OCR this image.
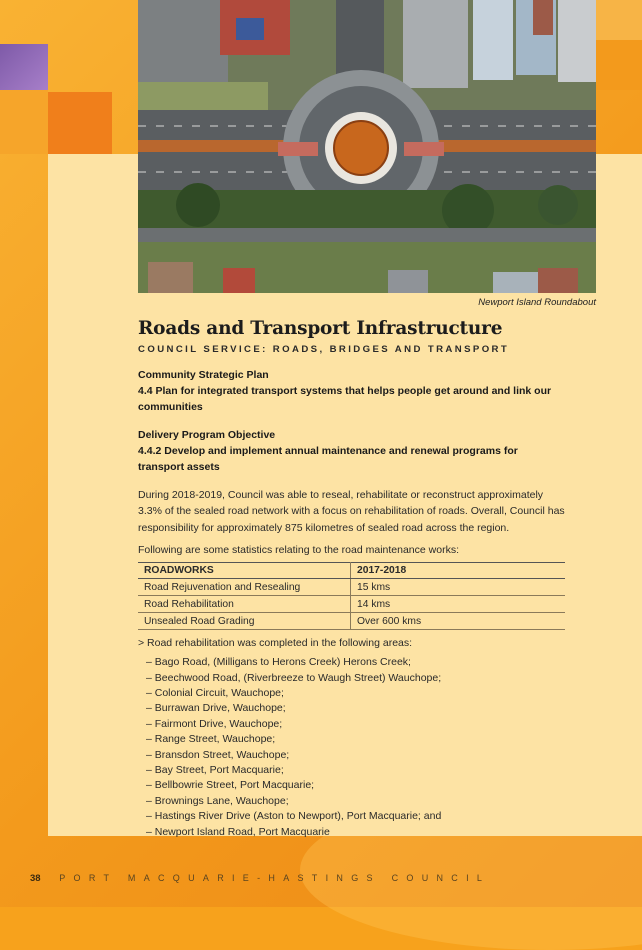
Newport Island Roundabout
Roads and Transport Infrastructure
COUNCIL SERVICE: ROADS, BRIDGES AND TRANSPORT
Community Strategic Plan
4.4 Plan for integrated transport systems that helps people get around and link our communities
Delivery Program Objective
4.4.2 Develop and implement annual maintenance and renewal programs for transport assets
During 2018-2019, Council was able to reseal, rehabilitate or reconstruct approximately 3.3% of the sealed road network with a focus on rehabilitation of roads. Overall, Council has responsibility for approximately 875 kilometres of sealed road across the region.
Following are some statistics relating to the road maintenance works:
ROADWORKS	2017-2018
Road Rejuvenation and Resealing	15 kms
Road Rehabilitation	14 kms
Unsealed Road Grading	Over 600 kms
> Road rehabilitation was completed in the following areas:
– Bago Road, (Milligans to Herons Creek) Herons Creek;
– Beechwood Road, (Riverbreeze to Waugh Street) Wauchope;
– Colonial Circuit, Wauchope;
– Burrawan Drive, Wauchope;
– Fairmont Drive, Wauchope;
– Range Street, Wauchope;
– Bransdon Street, Wauchope;
– Bay Street, Port Macquarie;
– Bellbowrie Street, Port Macquarie;
– Brownings Lane, Wauchope;
– Hastings River Drive (Aston to Newport), Port Macquarie; and
– Newport Island Road, Port Macquarie
38 PORT MACQUARIE-HASTINGS COUNCIL
